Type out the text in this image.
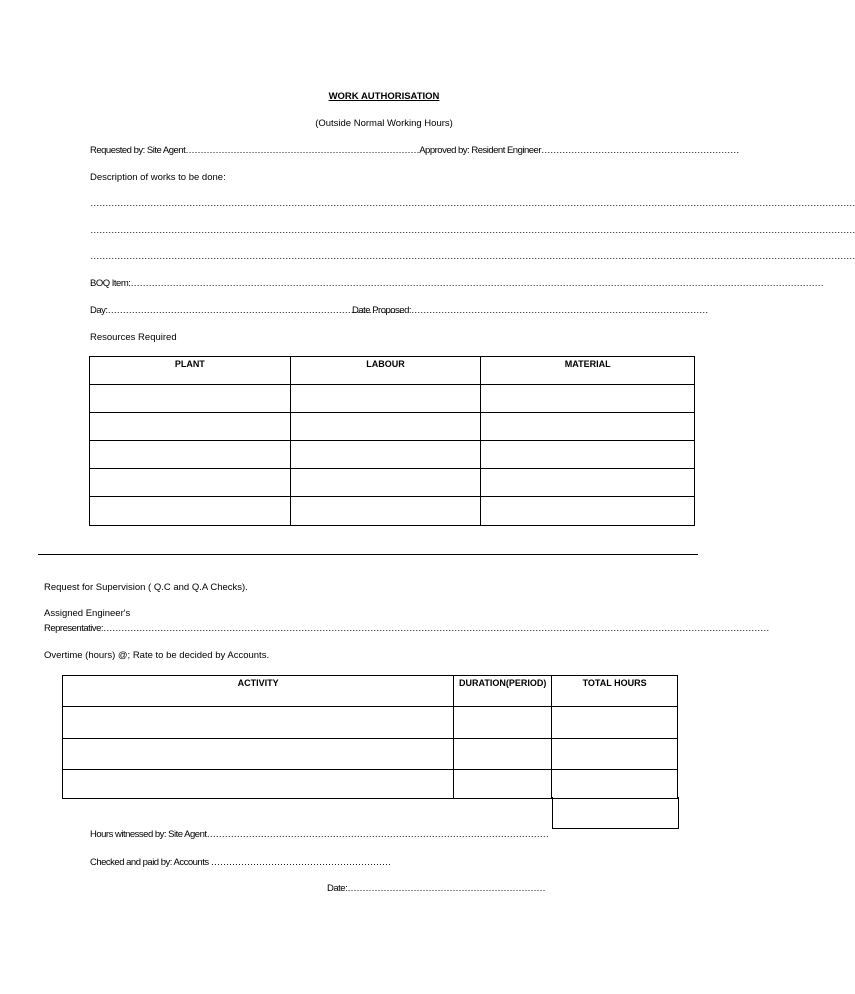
WORK AUTHORISATION
(Outside Normal Working Hours)
Requested by: Site Agent……………………………………………………………………Approved by: Resident Engineer…………………………………………………………
Description of works to be done:
…………………………………………………………………………………………………………………………………………………………………………………………………………………………………
…………………………………………………………………………………………………………………………………………………………………………………………………………………………………
…………………………………………………………………………………………………………………………………………………………………………………………………………………………………
BOQ Item:……………………………………………………………………………………………………………………………………………………………………………………………………………
Day:………………………………………………………………………………………
Date Proposed:………………………………………………………………………………………
Resources Required
PLANT	LABOUR	MATERIAL

Request for Supervision ( Q.C and Q.A Checks).
Assigned Engineer's
Representative:……………………………………………………………………………………………………………………………………………………………………………………………………
Overtime (hours) @; Rate to be decided by Accounts.
ACTIVITY	DURATION(PERIOD)	TOTAL HOURS

Hours witnessed by: Site Agent……………………………………………………………………………………………………
Checked and paid by: Accounts ……………………………………………………
Date:…………………………………………………………
